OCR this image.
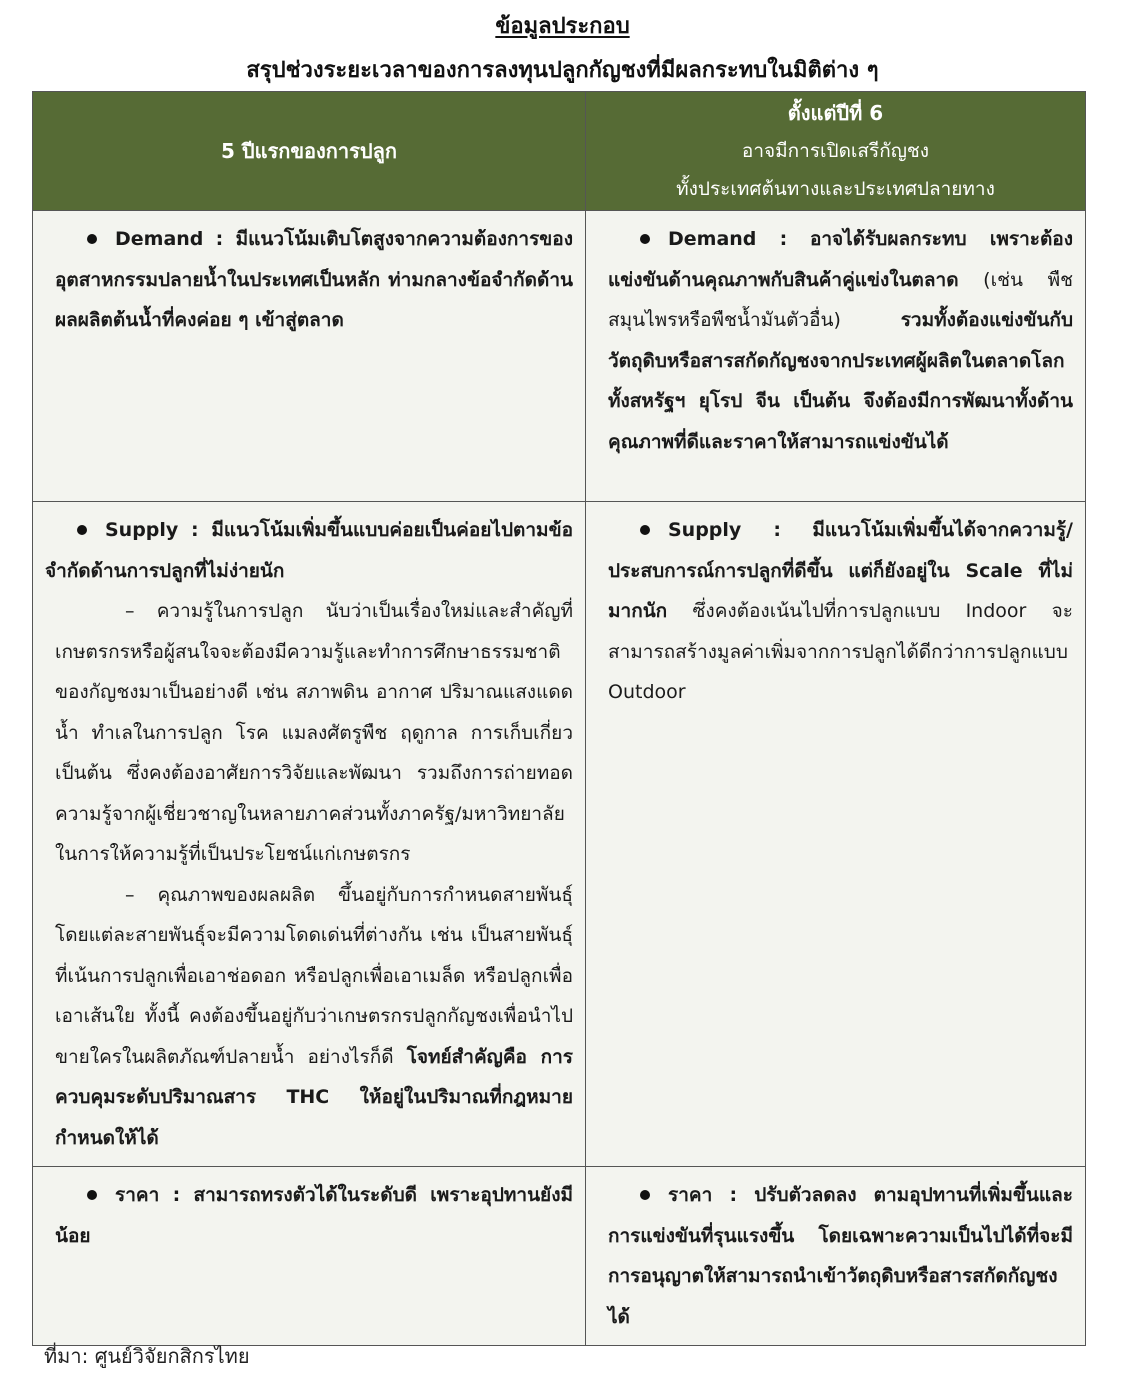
ข้อมูลประกอบ
สรุปช่วงระยะเวลาของการลงทุนปลูกกัญชงที่มีผลกระทบในมิติต่าง ๆ
5 ปีแรกของการปลูก	ตั้งแต่ปีที่ 6
อาจมีการเปิดเสรีกัญชง
ทั้งประเทศต้นทางและประเทศปลายทาง

Demand : มีแนวโน้มเติบโตสูงจากความต้องการของอุตสาหกรรมปลายน้ำในประเทศเป็นหลัก ท่ามกลางข้อจำกัดด้านผลผลิตต้นน้ำที่คงค่อย ๆ เข้าสู่ตลาด	Demand : อาจได้รับผลกระทบ เพราะต้องแข่งขันด้านคุณภาพกับสินค้าคู่แข่งในตลาด (เช่น พืชสมุนไพรหรือพืชน้ำมันตัวอื่น) รวมทั้งต้องแข่งขันกับวัตถุดิบหรือสารสกัดกัญชงจากประเทศผู้ผลิตในตลาดโลกทั้งสหรัฐฯ ยุโรป จีน เป็นต้น จึงต้องมีการพัฒนาทั้งด้านคุณภาพที่ดีและราคาให้สามารถแข่งขันได้

Supply : มีแนวโน้มเพิ่มขึ้นแบบค่อยเป็นค่อยไปตามข้อจำกัดด้านการปลูกที่ไม่ง่ายนัก
– ความรู้ในการปลูก นับว่าเป็นเรื่องใหม่และสำคัญที่เกษตรกรหรือผู้สนใจจะต้องมีความรู้และทำการศึกษาธรรมชาติของกัญชงมาเป็นอย่างดี เช่น สภาพดิน อากาศ ปริมาณแสงแดด น้ำ ทำเลในการปลูก โรค แมลงศัตรูพืช ฤดูกาล การเก็บเกี่ยว เป็นต้น ซึ่งคงต้องอาศัยการวิจัยและพัฒนา รวมถึงการถ่ายทอดความรู้จากผู้เชี่ยวชาญในหลายภาคส่วนทั้งภาครัฐ/มหาวิทยาลัยในการให้ความรู้ที่เป็นประโยชน์แก่เกษตรกร
– คุณภาพของผลผลิต ขึ้นอยู่กับการกำหนดสายพันธุ์ โดยแต่ละสายพันธุ์จะมีความโดดเด่นที่ต่างกัน เช่น เป็นสายพันธุ์ที่เน้นการปลูกเพื่อเอาช่อดอก หรือปลูกเพื่อเอาเมล็ด หรือปลูกเพื่อเอาเส้นใย ทั้งนี้ คงต้องขึ้นอยู่กับว่าเกษตรกรปลูกกัญชงเพื่อนำไปขายใครในผลิตภัณฑ์ปลายน้ำ อย่างไรก็ดี โจทย์สำคัญคือ การควบคุมระดับปริมาณสาร THC ให้อยู่ในปริมาณที่กฎหมายกำหนดให้ได้	Supply : มีแนวโน้มเพิ่มขึ้นได้จากความรู้/ประสบการณ์การปลูกที่ดีขึ้น แต่ก็ยังอยู่ใน Scale ที่ไม่มากนัก ซึ่งคงต้องเน้นไปที่การปลูกแบบ Indoor จะสามารถสร้างมูลค่าเพิ่มจากการปลูกได้ดีกว่าการปลูกแบบ Outdoor

ราคา : สามารถทรงตัวได้ในระดับดี เพราะอุปทานยังมีน้อย	ราคา : ปรับตัวลดลง ตามอุปทานที่เพิ่มขึ้นและการแข่งขันที่รุนแรงขึ้น โดยเฉพาะความเป็นไปได้ที่จะมีการอนุญาตให้สามารถนำเข้าวัตถุดิบหรือสารสกัดกัญชงได้
ที่มา: ศูนย์วิจัยกสิกรไทย
